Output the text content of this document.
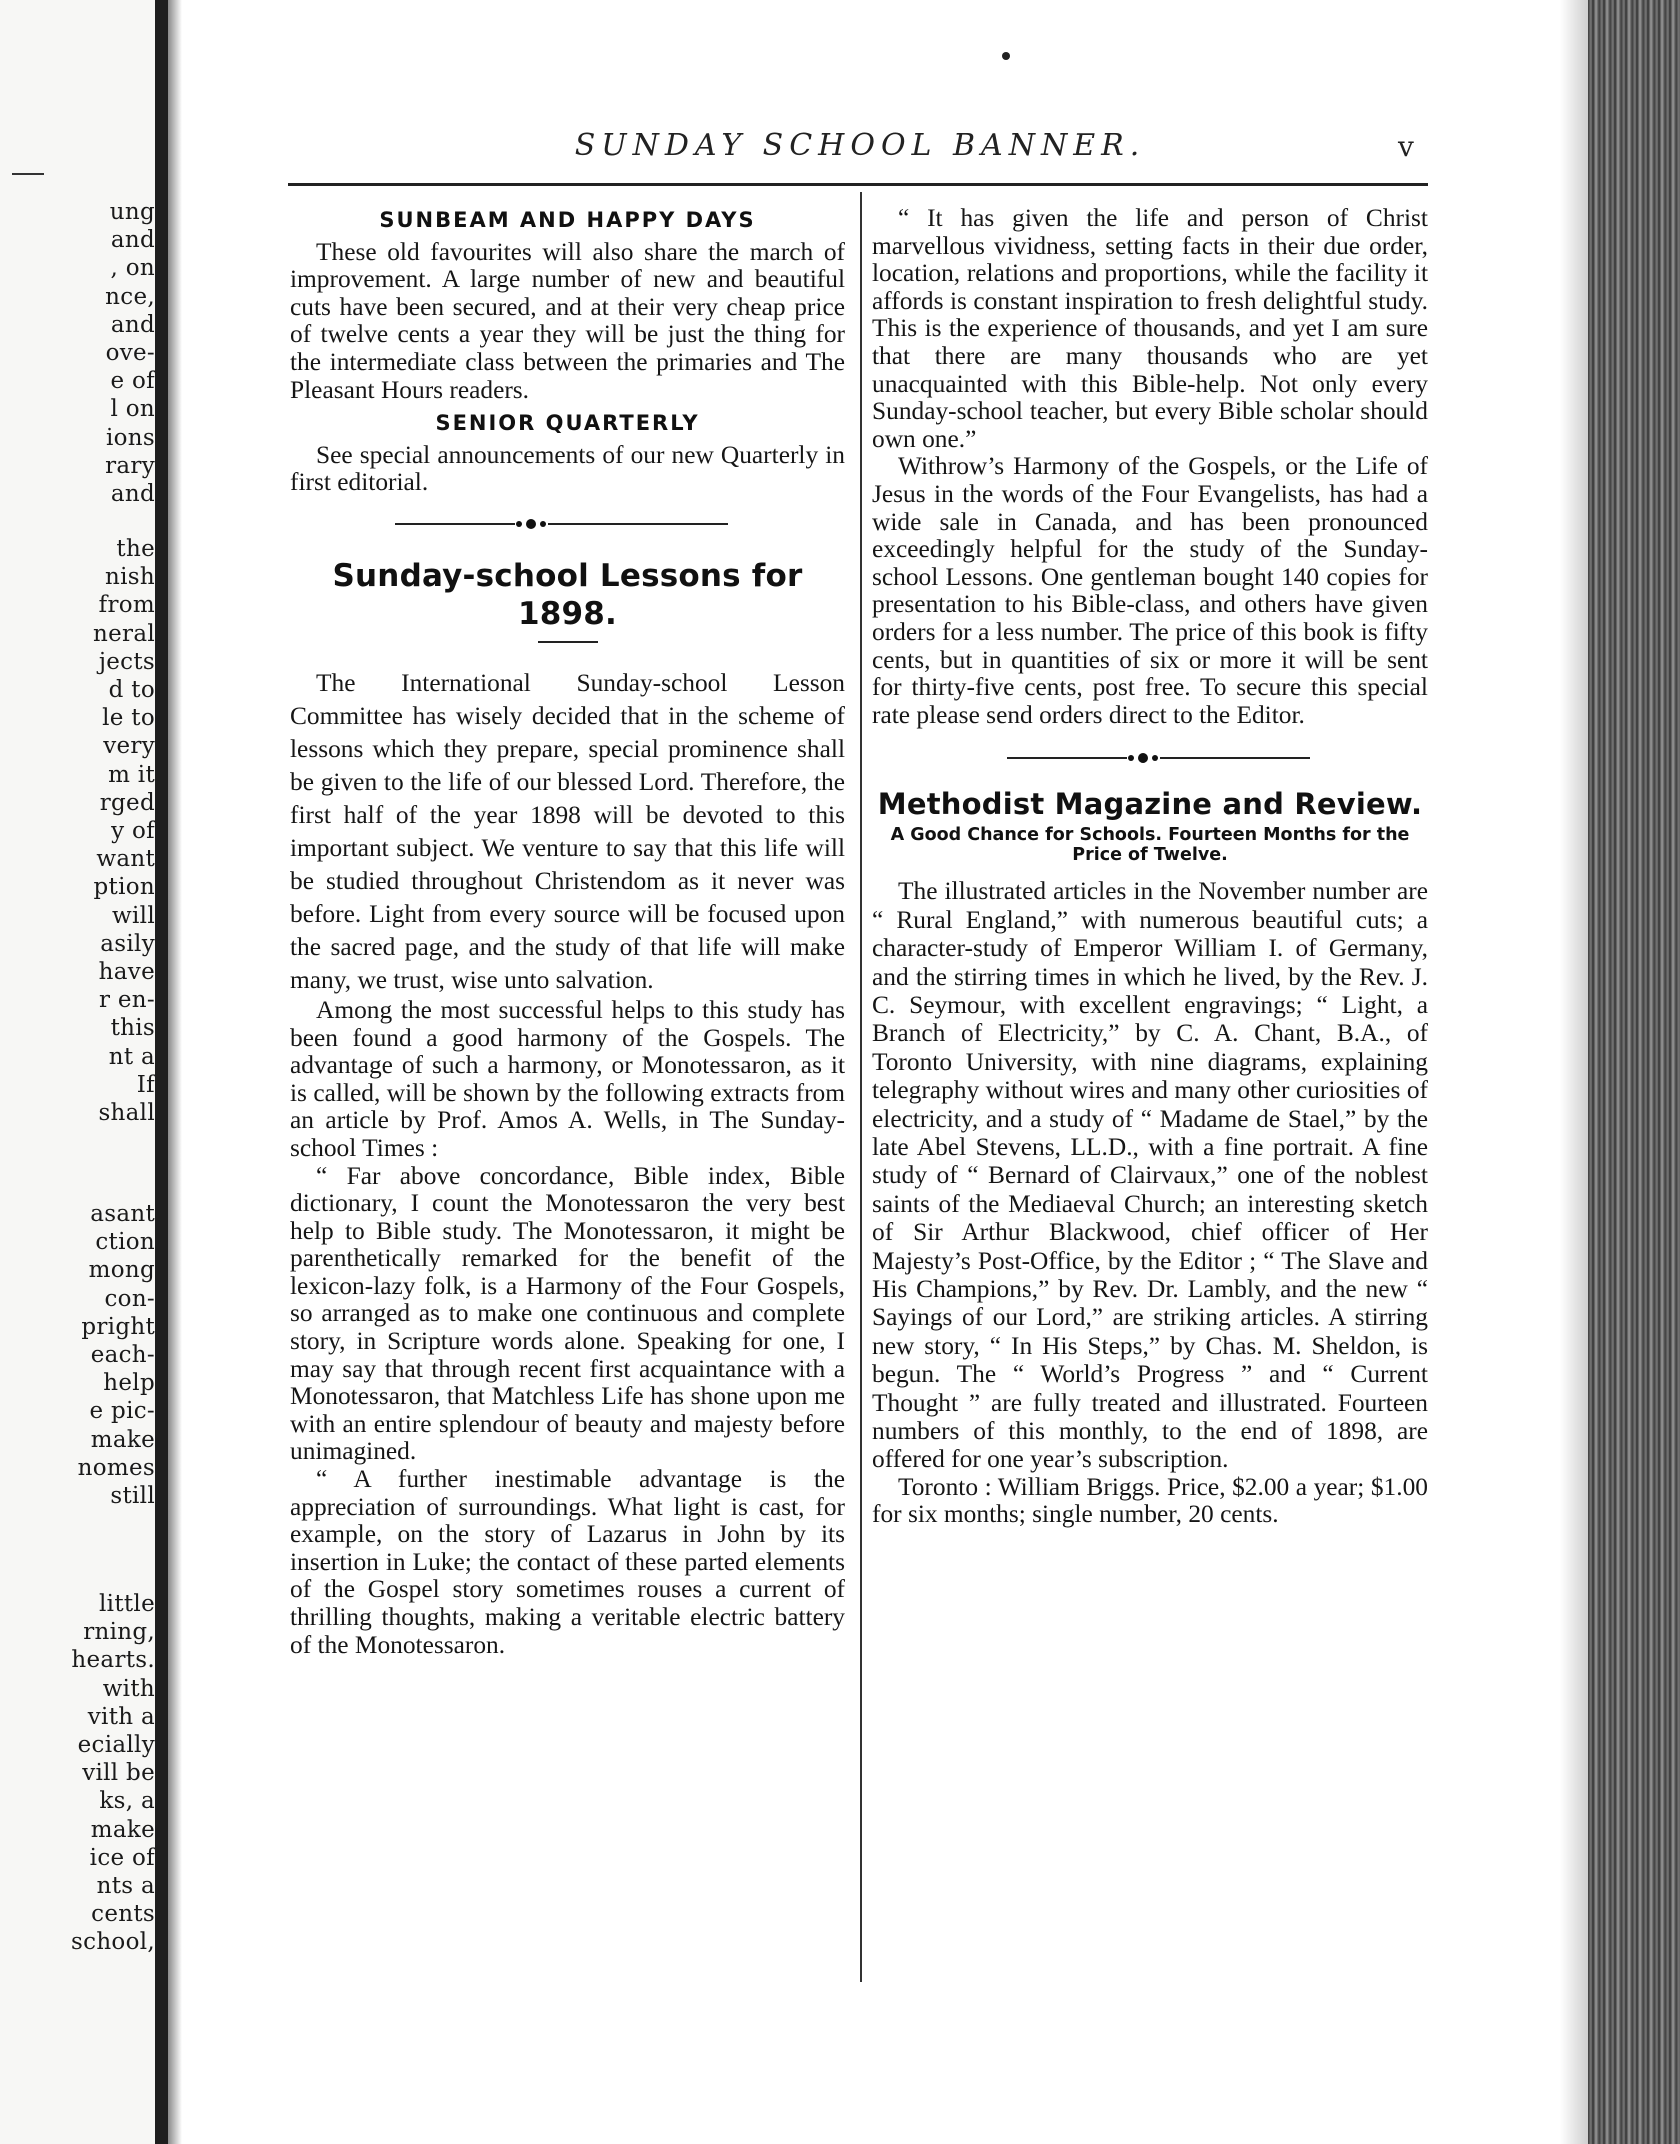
ung
and
, on
nce,
and
ove-
e of
l on
ions
rary
and
the
nish
from
neral
jects
d to
le to
very
m it
rged
y of
want
ption
will
asily
have
r en-
this
nt a
If
shall
asant
ction
mong
con-
pright
each-
help
e pic-
make
nomes
still
little
rning,
hearts.
with
vith a
ecially
vill be
ks, a
make
ice of
nts a
cents
school,
SUNDAY SCHOOL BANNER.	v
SUNBEAM AND HAPPY DAYS

These old favourites will also share the march of improvement. A large number of new and beautiful cuts have been secured, and at their very cheap price of twelve cents a year they will be just the thing for the intermediate class between the primaries and The Pleasant Hours readers.

SENIOR QUARTERLY

See special announcements of our new Quarterly in first editorial.

Sunday-school Lessons for 1898.

The International Sunday-school Lesson Committee has wisely decided that in the scheme of lessons which they prepare, special prominence shall be given to the life of our blessed Lord. Therefore, the first half of the year 1898 will be devoted to this important subject. We venture to say that this life will be studied throughout Christendom as it never was before. Light from every source will be focused upon the sacred page, and the study of that life will make many, we trust, wise unto salvation.

Among the most successful helps to this study has been found a good harmony of the Gospels. The advantage of such a harmony, or Monotessaron, as it is called, will be shown by the following extracts from an article by Prof. Amos A. Wells, in The Sunday-school Times :

“ Far above concordance, Bible index, Bible dictionary, I count the Monotessaron the very best help to Bible study. The Monotessaron, it might be parenthetically remarked for the benefit of the lexicon-lazy folk, is a Harmony of the Four Gospels, so arranged as to make one continuous and complete story, in Scripture words alone. Speaking for one, I may say that through recent first acquaintance with a Monotessaron, that Matchless Life has shone upon me with an entire splendour of beauty and majesty before unimagined.

“ A further inestimable advantage is the appreciation of surroundings. What light is cast, for example, on the story of Lazarus in John by its insertion in Luke; the contact of these parted elements of the Gospel story sometimes rouses a current of thrilling thoughts, making a veritable electric battery of the Monotessaron.

“ It has given the life and person of Christ marvellous vividness, setting facts in their due order, location, relations and proportions, while the facility it affords is constant inspiration to fresh delightful study. This is the experience of thousands, and yet I am sure that there are many thousands who are yet unacquainted with this Bible-help. Not only every Sunday-school teacher, but every Bible scholar should own one.”

Withrow’s Harmony of the Gospels, or the Life of Jesus in the words of the Four Evangelists, has had a wide sale in Canada, and has been pronounced exceedingly helpful for the study of the Sunday-school Lessons. One gentleman bought 140 copies for presentation to his Bible-class, and others have given orders for a less number. The price of this book is fifty cents, but in quantities of six or more it will be sent for thirty-five cents, post free. To secure this special rate please send orders direct to the Editor.

Methodist Magazine and Review.
A Good Chance for Schools. Fourteen Months for the Price of Twelve.

The illustrated articles in the November number are “ Rural England,” with numerous beautiful cuts; a character-study of Emperor William I. of Germany, and the stirring times in which he lived, by the Rev. J. C. Seymour, with excellent engravings; “ Light, a Branch of Electricity,” by C. A. Chant, B.A., of Toronto University, with nine diagrams, explaining telegraphy without wires and many other curiosities of electricity, and a study of “ Madame de Stael,” by the late Abel Stevens, LL.D., with a fine portrait. A fine study of “ Bernard of Clairvaux,” one of the noblest saints of the Mediaeval Church; an interesting sketch of Sir Arthur Blackwood, chief officer of Her Majesty’s Post-Office, by the Editor ; “ The Slave and His Champions,” by Rev. Dr. Lambly, and the new “ Sayings of our Lord,” are striking articles. A stirring new story, “ In His Steps,” by Chas. M. Sheldon, is begun. The “ World’s Progress ” and “ Current Thought ” are fully treated and illustrated. Fourteen numbers of this monthly, to the end of 1898, are offered for one year’s subscription.

Toronto : William Briggs. Price, $2.00 a year; $1.00 for six months; single number, 20 cents.
